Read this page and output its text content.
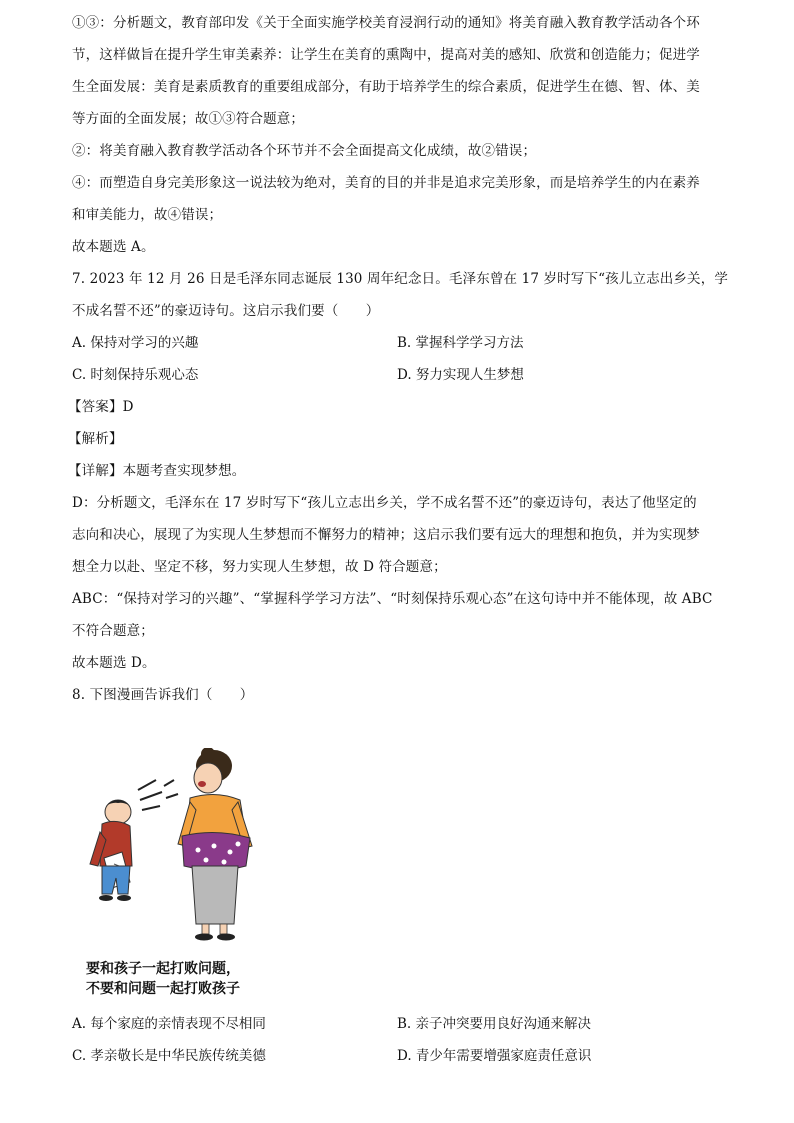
①③：分析题文，教育部印发《关于全面实施学校美育浸润行动的通知》将美育融入教育教学活动各个环
节，这样做旨在提升学生审美素养：让学生在美育的熏陶中，提高对美的感知、欣赏和创造能力；促进学
生全面发展：美育是素质教育的重要组成部分，有助于培养学生的综合素质，促进学生在德、智、体、美
等方面的全面发展；故①③符合题意；
②：将美育融入教育教学活动各个环节并不会全面提高文化成绩，故②错误；
④：而塑造自身完美形象这一说法较为绝对，美育的目的并非是追求完美形象，而是培养学生的内在素养
和审美能力，故④错误；
故本题选 A。
7. 2023 年 12 月 26 日是毛泽东同志诞辰 130 周年纪念日。毛泽东曾在 17 岁时写下“孩儿立志出乡关，学
不成名誓不还”的豪迈诗句。这启示我们要（　　）
A. 保持对学习的兴趣	B. 掌握科学学习方法
C. 时刻保持乐观心态	D. 努力实现人生梦想
【答案】D
【解析】
【详解】本题考查实现梦想。
D：分析题文，毛泽东在 17 岁时写下“孩儿立志出乡关，学不成名誓不还”的豪迈诗句，表达了他坚定的
志向和决心，展现了为实现人生梦想而不懈努力的精神；这启示我们要有远大的理想和抱负，并为实现梦
想全力以赴、坚定不移，努力实现人生梦想，故 D 符合题意；
ABC：“保持对学习的兴趣”、“掌握科学学习方法”、“时刻保持乐观心态”在这句诗中并不能体现，故 ABC
不符合题意；
故本题选 D。
8. 下图漫画告诉我们（　　）
要和孩子一起打败问题，
不要和问题一起打败孩子
A. 每个家庭的亲情表现不尽相同	B. 亲子冲突要用良好沟通来解决
C. 孝亲敬长是中华民族传统美德	D. 青少年需要增强家庭责任意识
